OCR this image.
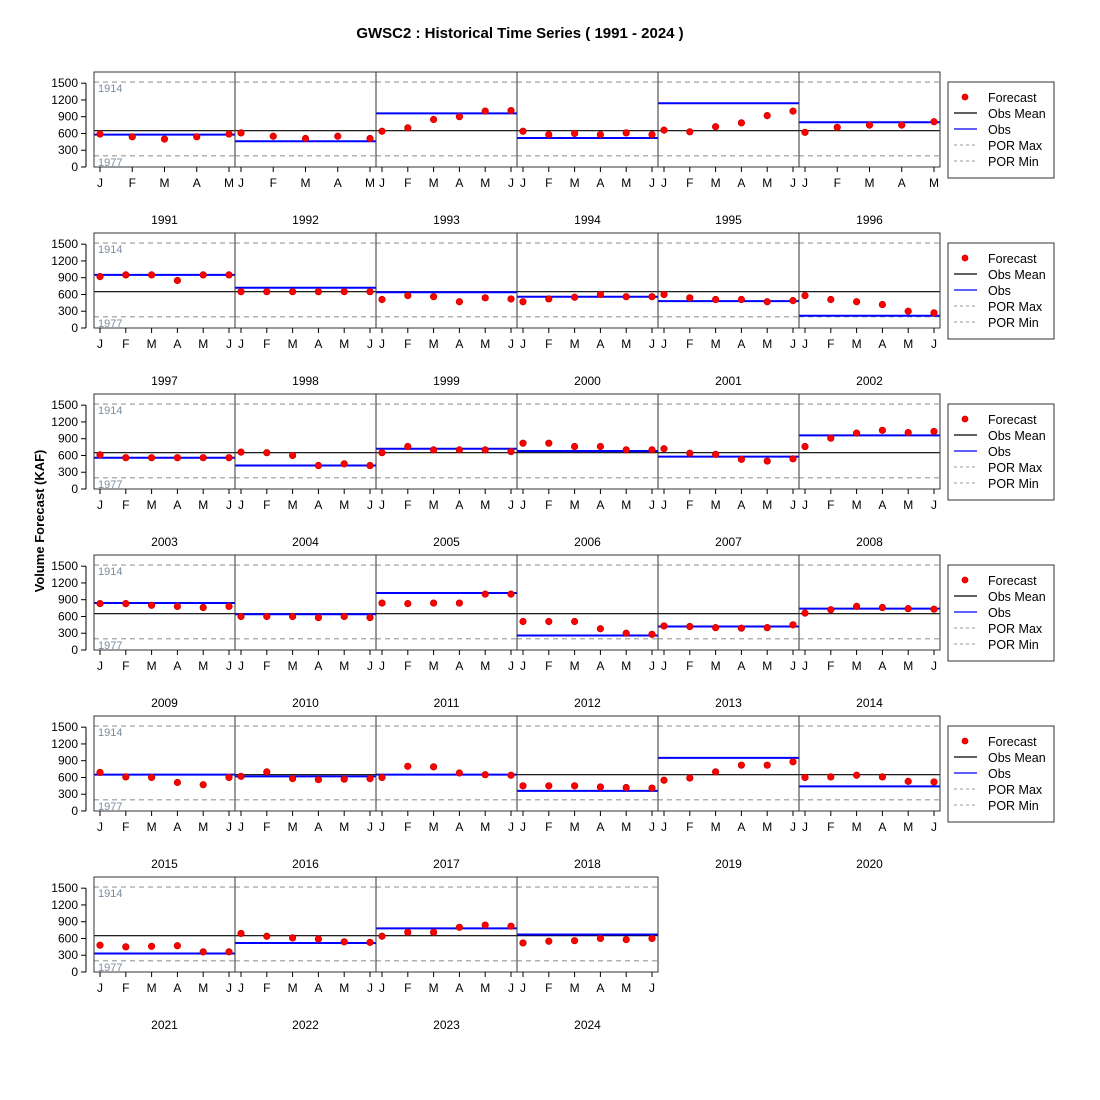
GWSC2 : Historical Time Series ( 1991 - 2024 )
Volume Forecast (KAF)
J F M A M
1991
0
300
600
900
1200
1500 1914
1977
J F M A M
1992
J F M A M J
1993
J F M A M J
1994
J F M A M J
1995
J F M A M
1996
J F M A M J
1997
0
300
600
900
1200
1500 1914
1977
J F M A M J
1998
J F M A M J
1999
J F M A M J
2000
J F M A M J
2001
J F M A M J
2002
J F M A M J
2003
0
300
600
900
1200
1500 1914
1977
J F M A M J
2004
J F M A M J
2005
J F M A M J
2006
J F M A M J
2007
J F M A M J
2008
J F M A M J
2009
0
300
600
900
1200
1500 1914
1977
J F M A M J
2010
J F M A M J
2011
J F M A M J
2012
J F M A M J
2013
J F M A M J
2014
J F M A M J
2015
0
300
600
900
1200
1500 1914
1977
J F M A M J
2016
J F M A M J
2017
J F M A M J
2018
J F M A M J
2019
J F M A M J
2020
J F M A M J
2021
0
300
600
900
1200
1500 1914
1977
J F M A M J
2022
J F M A M J
2023
J F M A M J
2024
Forecast
Obs Mean
Obs
POR Max
POR Min
Forecast
Obs Mean
Obs
POR Max
POR Min
Forecast
Obs Mean
Obs
POR Max
POR Min
Forecast
Obs Mean
Obs
POR Max
POR Min
Forecast
Obs Mean
Obs
POR Max
POR Min
